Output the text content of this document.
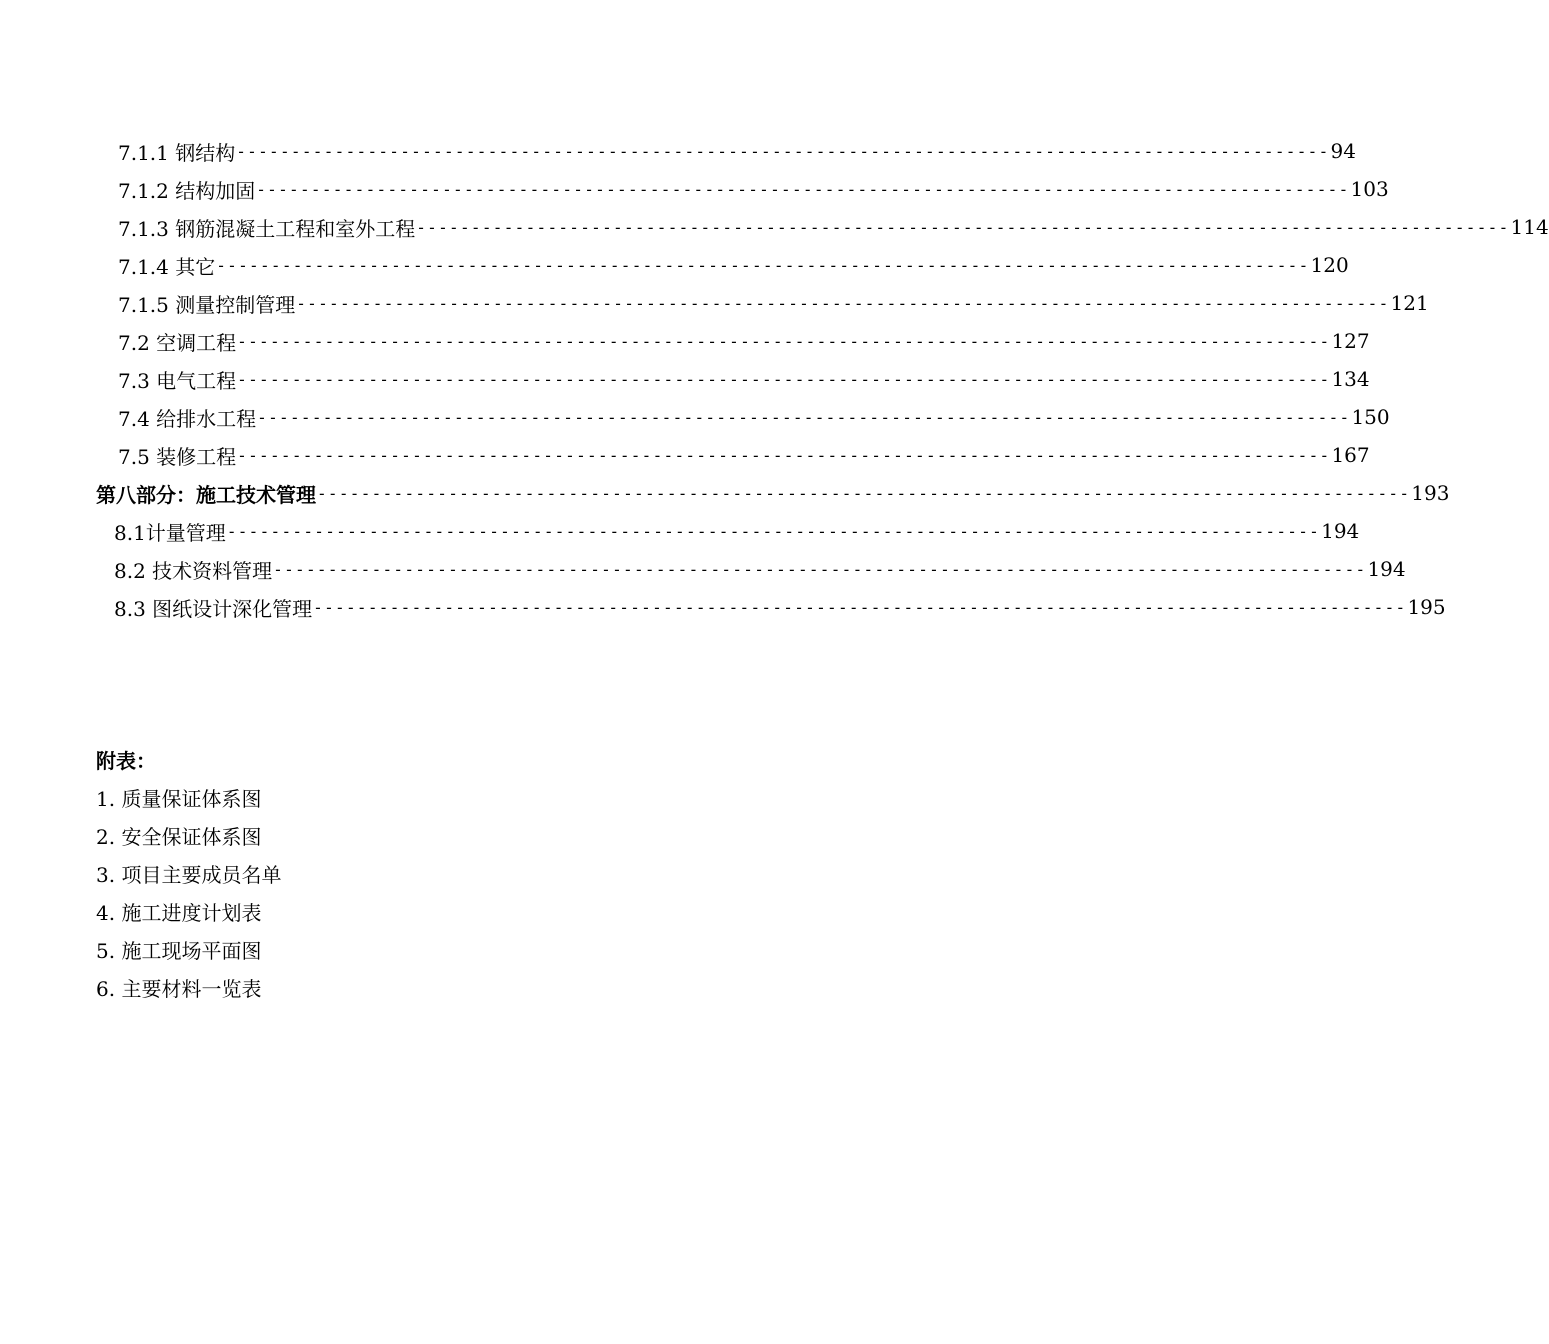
7.1.1 钢结构 ---------------------------------------------------------------------------------------------------- 94
7.1.2 结构加固 ---------------------------------------------------------------------------------------------------- 103
7.1.3 钢筋混凝土工程和室外工程 ---------------------------------------------------------------------------------------------------- 114
7.1.4 其它 ---------------------------------------------------------------------------------------------------- 120
7.1.5 测量控制管理 ---------------------------------------------------------------------------------------------------- 121
7.2 空调工程 ---------------------------------------------------------------------------------------------------- 127
7.3 电气工程 ---------------------------------------------------------------------------------------------------- 134
7.4 给排水工程 ---------------------------------------------------------------------------------------------------- 150
7.5 装修工程 ---------------------------------------------------------------------------------------------------- 167
第八部分：施工技术管理 ---------------------------------------------------------------------------------------------------- 193
8.1计量管理 ---------------------------------------------------------------------------------------------------- 194
8.2 技术资料管理 ---------------------------------------------------------------------------------------------------- 194
8.3 图纸设计深化管理 ---------------------------------------------------------------------------------------------------- 195
附表：
1. 质量保证体系图
2. 安全保证体系图
3. 项目主要成员名单
4. 施工进度计划表
5. 施工现场平面图
6. 主要材料一览表
